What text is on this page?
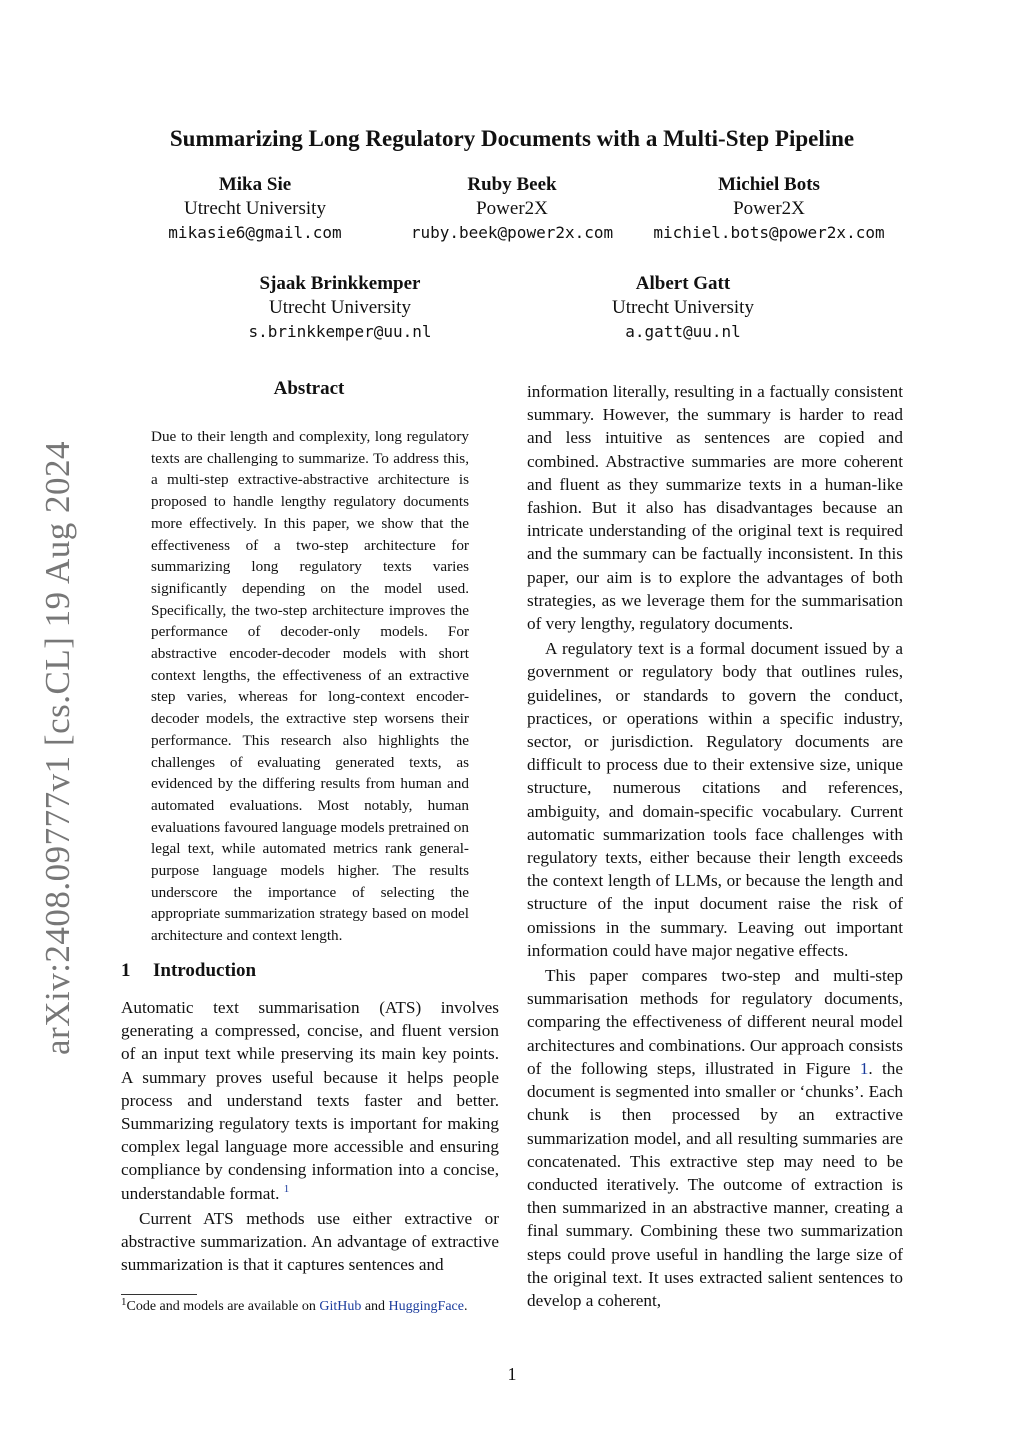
Summarizing Long Regulatory Documents with a Multi-Step Pipeline
Mika Sie
Utrecht University
mikasie6@gmail.com
Ruby Beek
Power2X
ruby.beek@power2x.com
Michiel Bots
Power2X
michiel.bots@power2x.com
Sjaak Brinkkemper
Utrecht University
s.brinkkemper@uu.nl
Albert Gatt
Utrecht University
a.gatt@uu.nl
arXiv:2408.09777v1 [cs.CL] 19 Aug 2024
Abstract

Due to their length and complexity, long regulatory texts are challenging to summarize. To address this, a multi-step extractive-abstractive architecture is proposed to handle lengthy regulatory documents more effectively. In this paper, we show that the effectiveness of a two-step architecture for summarizing long regulatory texts varies significantly depending on the model used. Specifically, the two-step architecture improves the performance of decoder-only models. For abstractive encoder-decoder models with short context lengths, the effectiveness of an extractive step varies, whereas for long-context encoder-decoder models, the extractive step worsens their performance. This research also highlights the challenges of evaluating generated texts, as evidenced by the differing results from human and automated evaluations. Most notably, human evaluations favoured language models pretrained on legal text, while automated metrics rank general-purpose language models higher. The results underscore the importance of selecting the appropriate summarization strategy based on model architecture and context length.

1 Introduction

Automatic text summarisation (ATS) involves generating a compressed, concise, and fluent version of an input text while preserving its main key points. A summary proves useful because it helps people process and understand texts faster and better. Summarizing regulatory texts is important for making complex legal language more accessible and ensuring compliance by condensing information into a concise, understandable format. $^1$

Current ATS methods use either extractive or abstractive summarization. An advantage of extractive summarization is that it captures sentences and

$^1$Code and models are available on GitHub and HuggingFace.

information literally, resulting in a factually consistent summary. However, the summary is harder to read and less intuitive as sentences are copied and combined. Abstractive summaries are more coherent and fluent as they summarize texts in a human-like fashion. But it also has disadvantages because an intricate understanding of the original text is required and the summary can be factually inconsistent. In this paper, our aim is to explore the advantages of both strategies, as we leverage them for the summarisation of very lengthy, regulatory documents.

A regulatory text is a formal document issued by a government or regulatory body that outlines rules, guidelines, or standards to govern the conduct, practices, or operations within a specific industry, sector, or jurisdiction. Regulatory documents are difficult to process due to their extensive size, unique structure, numerous citations and references, ambiguity, and domain-specific vocabulary. Current automatic summarization tools face challenges with regulatory texts, either because their length exceeds the context length of LLMs, or because the length and structure of the input document raise the risk of omissions in the summary. Leaving out important information could have major negative effects.

This paper compares two-step and multi-step summarisation methods for regulatory documents, comparing the effectiveness of different neural model architectures and combinations. Our approach consists of the following steps, illustrated in Figure 1. the document is segmented into smaller or ‘chunks’. Each chunk is then processed by an extractive summarization model, and all resulting summaries are concatenated. This extractive step may need to be conducted iteratively. The outcome of extraction is then summarized in an abstractive manner, creating a final summary. Combining these two summarization steps could prove useful in handling the large size of the original text. It uses extracted salient sentences to develop a coherent,

1
